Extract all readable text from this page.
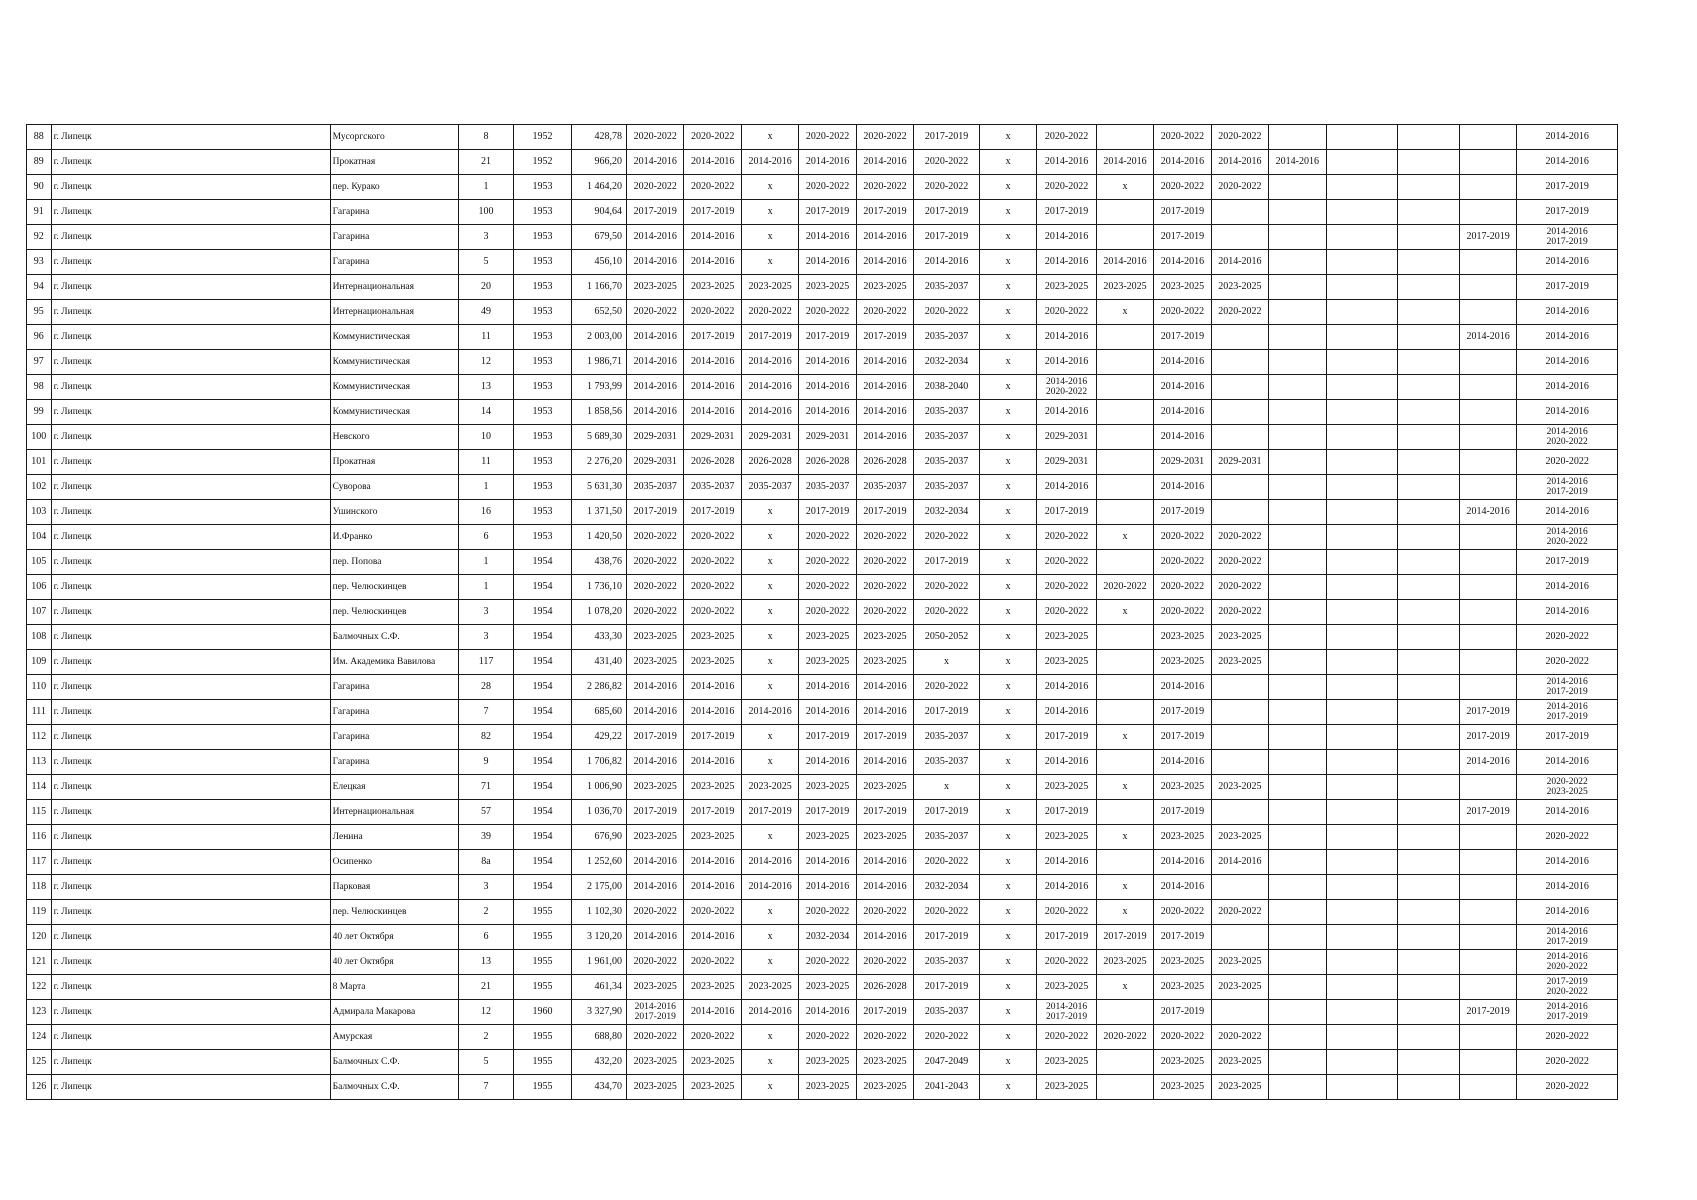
88	г. Липецк	Мусоргского	8	1952	428,78	2020-2022	2020-2022	х	2020-2022	2020-2022	2017-2019	х	2020-2022		2020-2022	2020-2022					2014-2016
89	г. Липецк	Прокатная	21	1952	966,20	2014-2016	2014-2016	2014-2016	2014-2016	2014-2016	2020-2022	х	2014-2016	2014-2016	2014-2016	2014-2016	2014-2016				2014-2016
90	г. Липецк	пер. Курако	1	1953	1 464,20	2020-2022	2020-2022	х	2020-2022	2020-2022	2020-2022	х	2020-2022	х	2020-2022	2020-2022					2017-2019
91	г. Липецк	Гагарина	100	1953	904,64	2017-2019	2017-2019	х	2017-2019	2017-2019	2017-2019	х	2017-2019		2017-2019						2017-2019
92	г. Липецк	Гагарина	3	1953	679,50	2014-2016	2014-2016	х	2014-2016	2014-2016	2017-2019	х	2014-2016		2017-2019					2017-2019	2014-2016
2017-2019
93	г. Липецк	Гагарина	5	1953	456,10	2014-2016	2014-2016	х	2014-2016	2014-2016	2014-2016	х	2014-2016	2014-2016	2014-2016	2014-2016					2014-2016
94	г. Липецк	Интернациональная	20	1953	1 166,70	2023-2025	2023-2025	2023-2025	2023-2025	2023-2025	2035-2037	х	2023-2025	2023-2025	2023-2025	2023-2025					2017-2019
95	г. Липецк	Интернациональная	49	1953	652,50	2020-2022	2020-2022	2020-2022	2020-2022	2020-2022	2020-2022	х	2020-2022	х	2020-2022	2020-2022					2014-2016
96	г. Липецк	Коммунистическая	11	1953	2 003,00	2014-2016	2017-2019	2017-2019	2017-2019	2017-2019	2035-2037	х	2014-2016		2017-2019					2014-2016	2014-2016
97	г. Липецк	Коммунистическая	12	1953	1 986,71	2014-2016	2014-2016	2014-2016	2014-2016	2014-2016	2032-2034	х	2014-2016		2014-2016						2014-2016
98	г. Липецк	Коммунистическая	13	1953	1 793,99	2014-2016	2014-2016	2014-2016	2014-2016	2014-2016	2038-2040	х	2014-2016
2020-2022		2014-2016						2014-2016
99	г. Липецк	Коммунистическая	14	1953	1 858,56	2014-2016	2014-2016	2014-2016	2014-2016	2014-2016	2035-2037	х	2014-2016		2014-2016						2014-2016
100	г. Липецк	Невского	10	1953	5 689,30	2029-2031	2029-2031	2029-2031	2029-2031	2014-2016	2035-2037	х	2029-2031		2014-2016						2014-2016
2020-2022
101	г. Липецк	Прокатная	11	1953	2 276,20	2029-2031	2026-2028	2026-2028	2026-2028	2026-2028	2035-2037	х	2029-2031		2029-2031	2029-2031					2020-2022
102	г. Липецк	Суворова	1	1953	5 631,30	2035-2037	2035-2037	2035-2037	2035-2037	2035-2037	2035-2037	х	2014-2016		2014-2016						2014-2016
2017-2019
103	г. Липецк	Ушинского	16	1953	1 371,50	2017-2019	2017-2019	х	2017-2019	2017-2019	2032-2034	х	2017-2019		2017-2019					2014-2016	2014-2016
104	г. Липецк	И.Франко	6	1953	1 420,50	2020-2022	2020-2022	х	2020-2022	2020-2022	2020-2022	х	2020-2022	х	2020-2022	2020-2022					2014-2016
2020-2022
105	г. Липецк	пер. Попова	1	1954	438,76	2020-2022	2020-2022	х	2020-2022	2020-2022	2017-2019	х	2020-2022		2020-2022	2020-2022					2017-2019
106	г. Липецк	пер. Челюскинцев	1	1954	1 736,10	2020-2022	2020-2022	х	2020-2022	2020-2022	2020-2022	х	2020-2022	2020-2022	2020-2022	2020-2022					2014-2016
107	г. Липецк	пер. Челюскинцев	3	1954	1 078,20	2020-2022	2020-2022	х	2020-2022	2020-2022	2020-2022	х	2020-2022	х	2020-2022	2020-2022					2014-2016
108	г. Липецк	Балмочных С.Ф.	3	1954	433,30	2023-2025	2023-2025	х	2023-2025	2023-2025	2050-2052	х	2023-2025		2023-2025	2023-2025					2020-2022
109	г. Липецк	Им. Академика Вавилова	117	1954	431,40	2023-2025	2023-2025	х	2023-2025	2023-2025	х	х	2023-2025		2023-2025	2023-2025					2020-2022
110	г. Липецк	Гагарина	28	1954	2 286,82	2014-2016	2014-2016	х	2014-2016	2014-2016	2020-2022	х	2014-2016		2014-2016						2014-2016
2017-2019
111	г. Липецк	Гагарина	7	1954	685,60	2014-2016	2014-2016	2014-2016	2014-2016	2014-2016	2017-2019	х	2014-2016		2017-2019					2017-2019	2014-2016
2017-2019
112	г. Липецк	Гагарина	82	1954	429,22	2017-2019	2017-2019	х	2017-2019	2017-2019	2035-2037	х	2017-2019	х	2017-2019					2017-2019	2017-2019
113	г. Липецк	Гагарина	9	1954	1 706,82	2014-2016	2014-2016	х	2014-2016	2014-2016	2035-2037	х	2014-2016		2014-2016					2014-2016	2014-2016
114	г. Липецк	Елецкая	71	1954	1 006,90	2023-2025	2023-2025	2023-2025	2023-2025	2023-2025	х	х	2023-2025	х	2023-2025	2023-2025					2020-2022
2023-2025
115	г. Липецк	Интернациональная	57	1954	1 036,70	2017-2019	2017-2019	2017-2019	2017-2019	2017-2019	2017-2019	х	2017-2019		2017-2019					2017-2019	2014-2016
116	г. Липецк	Ленина	39	1954	676,90	2023-2025	2023-2025	х	2023-2025	2023-2025	2035-2037	х	2023-2025	х	2023-2025	2023-2025					2020-2022
117	г. Липецк	Осипенко	8а	1954	1 252,60	2014-2016	2014-2016	2014-2016	2014-2016	2014-2016	2020-2022	х	2014-2016		2014-2016	2014-2016					2014-2016
118	г. Липецк	Парковая	3	1954	2 175,00	2014-2016	2014-2016	2014-2016	2014-2016	2014-2016	2032-2034	х	2014-2016	х	2014-2016						2014-2016
119	г. Липецк	пер. Челюскинцев	2	1955	1 102,30	2020-2022	2020-2022	х	2020-2022	2020-2022	2020-2022	х	2020-2022	х	2020-2022	2020-2022					2014-2016
120	г. Липецк	40 лет Октября	6	1955	3 120,20	2014-2016	2014-2016	х	2032-2034	2014-2016	2017-2019	х	2017-2019	2017-2019	2017-2019						2014-2016
2017-2019
121	г. Липецк	40 лет Октября	13	1955	1 961,00	2020-2022	2020-2022	х	2020-2022	2020-2022	2035-2037	х	2020-2022	2023-2025	2023-2025	2023-2025					2014-2016
2020-2022
122	г. Липецк	8 Марта	21	1955	461,34	2023-2025	2023-2025	2023-2025	2023-2025	2026-2028	2017-2019	х	2023-2025	х	2023-2025	2023-2025					2017-2019
2020-2022
123	г. Липецк	Адмирала Макарова	12	1960	3 327,90	2014-2016
2017-2019	2014-2016	2014-2016	2014-2016	2017-2019	2035-2037	х	2014-2016
2017-2019		2017-2019					2017-2019	2014-2016
2017-2019
124	г. Липецк	Амурская	2	1955	688,80	2020-2022	2020-2022	х	2020-2022	2020-2022	2020-2022	х	2020-2022	2020-2022	2020-2022	2020-2022					2020-2022
125	г. Липецк	Балмочных С.Ф.	5	1955	432,20	2023-2025	2023-2025	х	2023-2025	2023-2025	2047-2049	х	2023-2025		2023-2025	2023-2025					2020-2022
126	г. Липецк	Балмочных С.Ф.	7	1955	434,70	2023-2025	2023-2025	х	2023-2025	2023-2025	2041-2043	х	2023-2025		2023-2025	2023-2025					2020-2022
